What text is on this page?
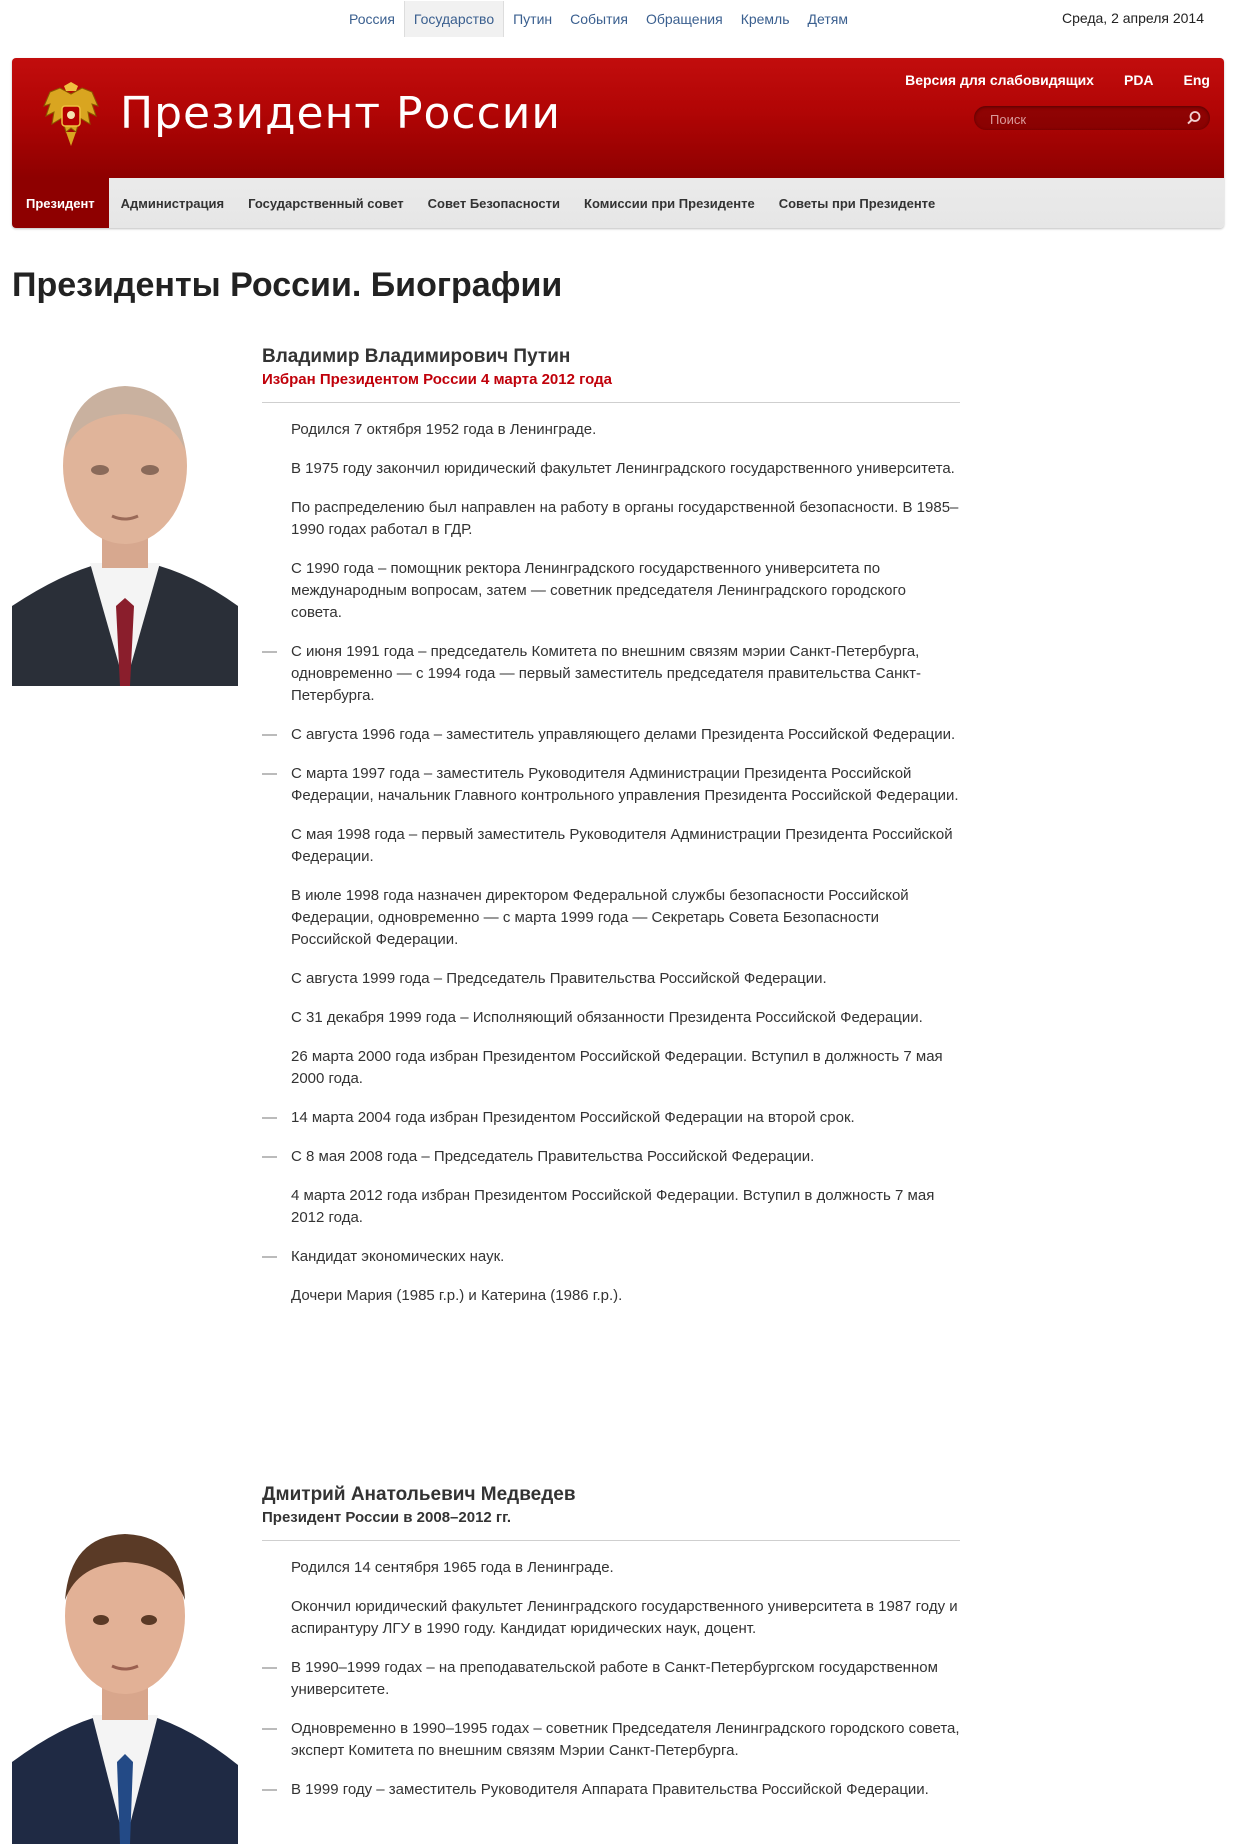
Россия	Государство	Путин	События	Обращения	Кремль	Детям	Среда, 2 апреля 2014
Президент России
Версия для слабовидящих PDA Eng
Поиск
Президент	Администрация	Государственный совет	Совет Безопасности	Комиссии при Президенте	Советы при Президенте
Президенты России. Биографии
Владимир Владимирович Путин
Избран Президентом России 4 марта 2012 года
Родился 7 октября 1952 года в Ленинграде.
В 1975 году закончил юридический факультет Ленинградского государственного университета.
По распределению был направлен на работу в органы государственной безопасности. В 1985–1990 годах работал в ГДР.
С 1990 года – помощник ректора Ленинградского государственного университета по международным вопросам, затем — советник председателя Ленинградского городского совета.
— С июня 1991 года – председатель Комитета по внешним связям мэрии Санкт-Петербурга, одновременно — с 1994 года — первый заместитель председателя правительства Санкт-Петербурга.
— С августа 1996 года – заместитель управляющего делами Президента Российской Федерации.
— С марта 1997 года – заместитель Руководителя Администрации Президента Российской Федерации, начальник Главного контрольного управления Президента Российской Федерации.
С мая 1998 года – первый заместитель Руководителя Администрации Президента Российской Федерации.
В июле 1998 года назначен директором Федеральной службы безопасности Российской Федерации, одновременно — с марта 1999 года — Секретарь Совета Безопасности Российской Федерации.
С августа 1999 года – Председатель Правительства Российской Федерации.
С 31 декабря 1999 года – Исполняющий обязанности Президента Российской Федерации.
26 марта 2000 года избран Президентом Российской Федерации. Вступил в должность 7 мая 2000 года.
— 14 марта 2004 года избран Президентом Российской Федерации на второй срок.
— С 8 мая 2008 года – Председатель Правительства Российской Федерации.
4 марта 2012 года избран Президентом Российской Федерации. Вступил в должность 7 мая 2012 года.
— Кандидат экономических наук.
Дочери Мария (1985 г.р.) и Катерина (1986 г.р.).
Дмитрий Анатольевич Медведев
Президент России в 2008–2012 гг.
Родился 14 сентября 1965 года в Ленинграде.
Окончил юридический факультет Ленинградского государственного университета в 1987 году и аспирантуру ЛГУ в 1990 году. Кандидат юридических наук, доцент.
— В 1990–1999 годах – на преподавательской работе в Санкт-Петербургском государственном университете.
— Одновременно в 1990–1995 годах – советник Председателя Ленинградского городского совета, эксперт Комитета по внешним связям Мэрии Санкт-Петербурга.
— В 1999 году – заместитель Руководителя Аппарата Правительства Российской Федерации.
